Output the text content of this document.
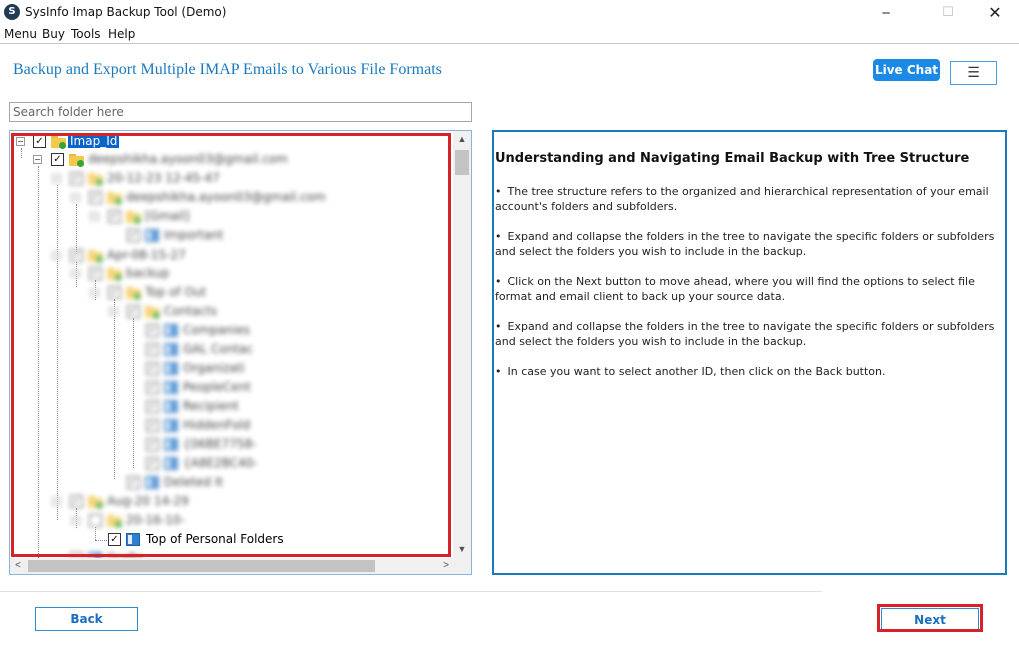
S SysInfo Imap Backup Tool (Demo)	─	☐	✕
Menu Buy Tools Help
Backup and Export Multiple IMAP Emails to Various File Formats	Live Chat	☰
Search folder here
− ✓ Imap_Id
− ✓ deepshikha.ayoon03@gmail.com
− ✓ 20-12-23 12-45-47
− ✓ deepshikha.ayoon03@gmail.com
− ✓ [Gmail]
✓ Important
− ✓ Apr-08-15-27
− ✓ backup
− ✓ Top of Out
− ✓ Contacts
✓ Companies
✓ GAL Contac
✓ Organizati
✓ PeopleCent
✓ Recipient
✓ HiddenFold
✓ {06BE7758-
✓ {A8E2BC40-
✓ Deleted It
− ✓ Aug-20 14-29
−	20-16-10-
✓ Top of Personal Folders
▲
▼
<	>
Understanding and Navigating Email Backup with Tree Structure
• The tree structure refers to the organized and hierarchical representation of your email account's folders and subfolders.
• Expand and collapse the folders in the tree to navigate the specific folders or subfolders and select the folders you wish to include in the backup.
• Click on the Next button to move ahead, where you will find the options to select file format and email client to back up your source data.
• Expand and collapse the folders in the tree to navigate the specific folders or subfolders and select the folders you wish to include in the backup.
• In case you want to select another ID, then click on the Back button.
Back	Next
